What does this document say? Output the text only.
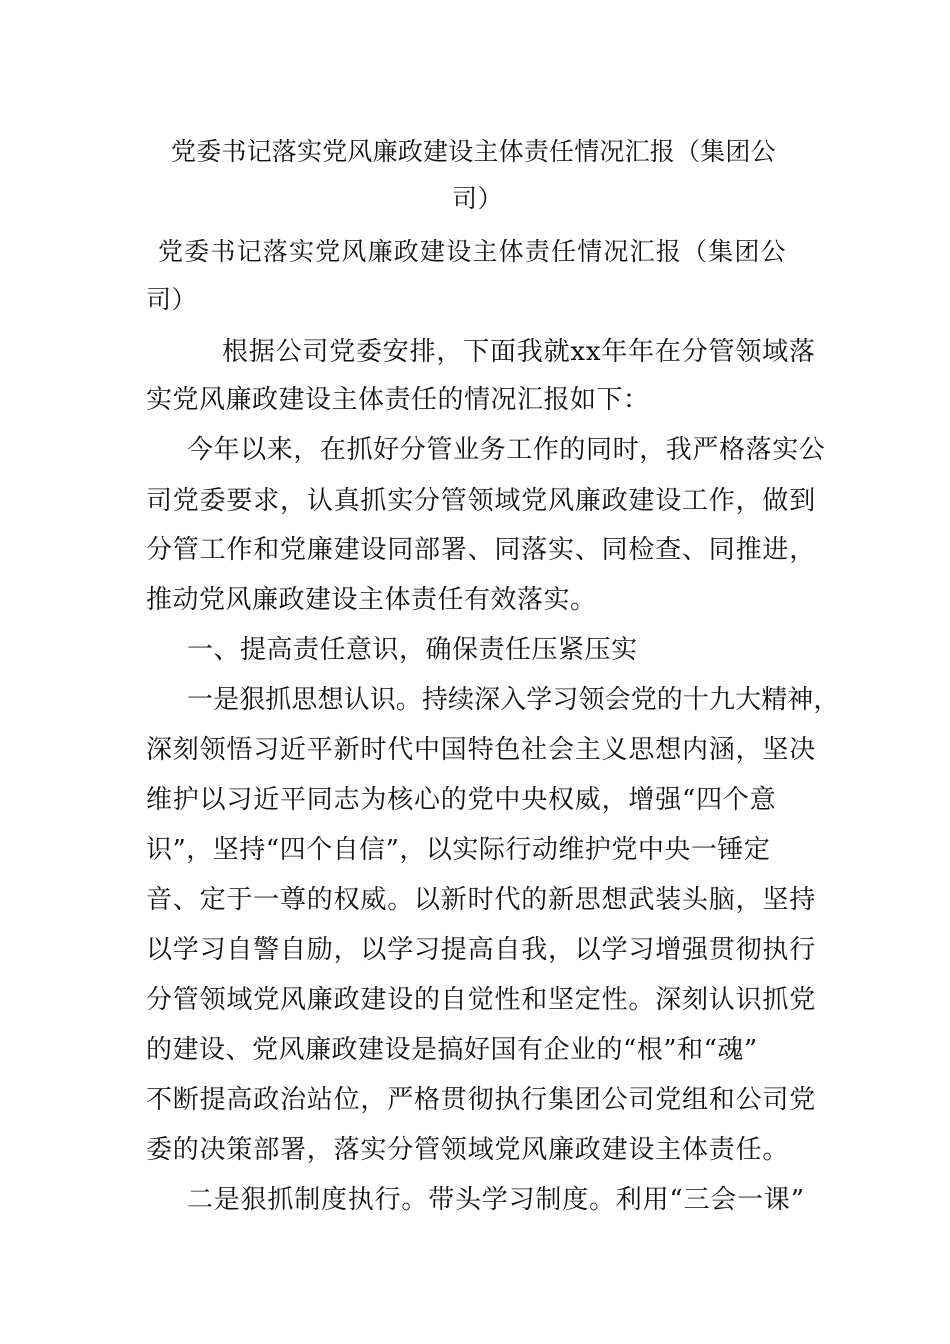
党委书记落实党风廉政建设主体责任情况汇报（集团公
司）
党委书记落实党风廉政建设主体责任情况汇报（集团公
司）
根据公司党委安排，下面我就xx年年在分管领域落
实党风廉政建设主体责任的情况汇报如下：
今年以来，在抓好分管业务工作的同时，我严格落实公
司党委要求，认真抓实分管领域党风廉政建设工作，做到
分管工作和党廉建设同部署、同落实、同检查、同推进，
推动党风廉政建设主体责任有效落实。
一、提高责任意识，确保责任压紧压实
一是狠抓思想认识。持续深入学习领会党的十九大精神，
深刻领悟习近平新时代中国特色社会主义思想内涵，坚决
维护以习近平同志为核心的党中央权威，增强“四个意
识”，坚持“四个自信”，以实际行动维护党中央一锤定
音、定于一尊的权威。以新时代的新思想武装头脑，坚持
以学习自警自励，以学习提高自我，以学习增强贯彻执行
分管领域党风廉政建设的自觉性和坚定性。深刻认识抓党
的建设、党风廉政建设是搞好国有企业的“根”和“魂”
不断提高政治站位，严格贯彻执行集团公司党组和公司党
委的决策部署，落实分管领域党风廉政建设主体责任。
二是狠抓制度执行。带头学习制度。利用“三会一课”
